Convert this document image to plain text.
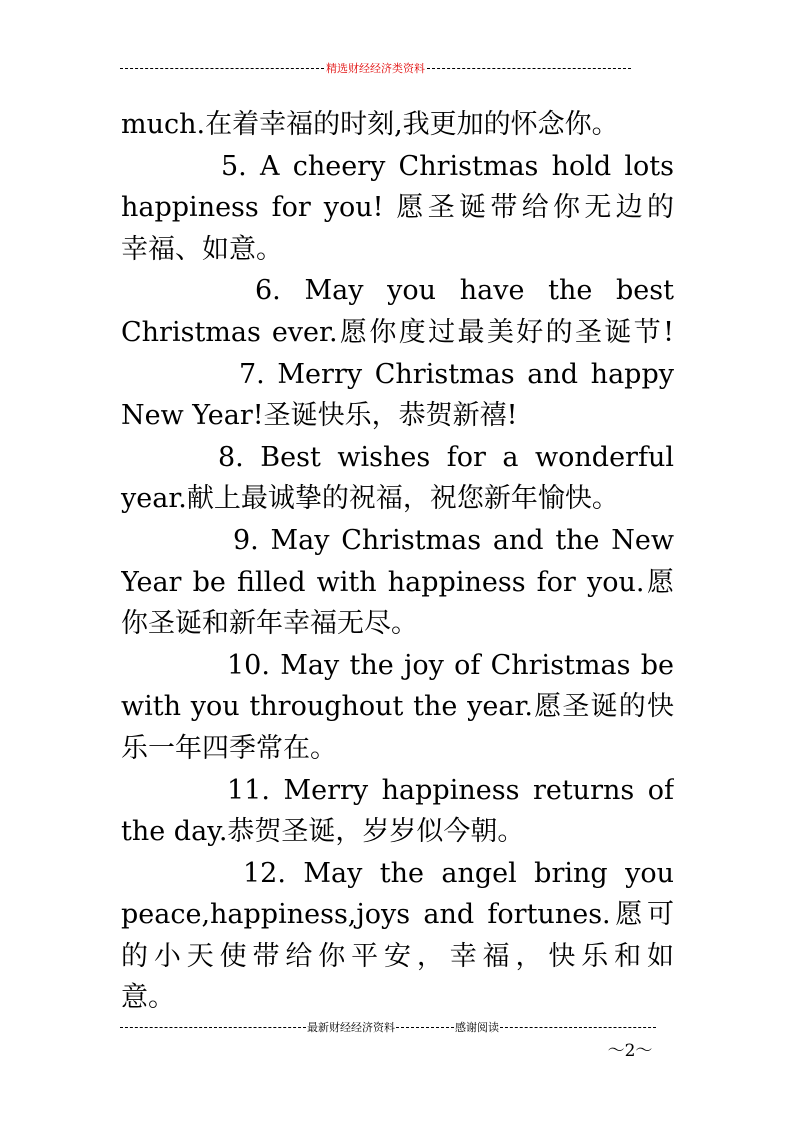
精选财经经济类资料
much.在着幸福的时刻,我更加的怀念你。
5. A cheery Christmas hold lots
happiness for you! 愿圣诞带给你无边的
幸福、如意。
6. May you have the best
Christmas ever.愿你度过最美好的圣诞节!
7. Merry Christmas and happy
New Year!圣诞快乐，恭贺新禧!
8. Best wishes for a wonderful
year.献上最诚挚的祝福，祝您新年愉快。
9. May Christmas and the New
Year be filled with happiness for you.愿
你圣诞和新年幸福无尽。
10. May the joy of Christmas be
with you throughout the year.愿圣诞的快
乐一年四季常在。
11. Merry happiness returns of
the day.恭贺圣诞，岁岁似今朝。
12. May the angel bring you
peace,happiness,joys and fortunes.愿可
的小天使带给你平安，幸福，快乐和如
意。
最新财经经济资料	感谢阅读
～2～
